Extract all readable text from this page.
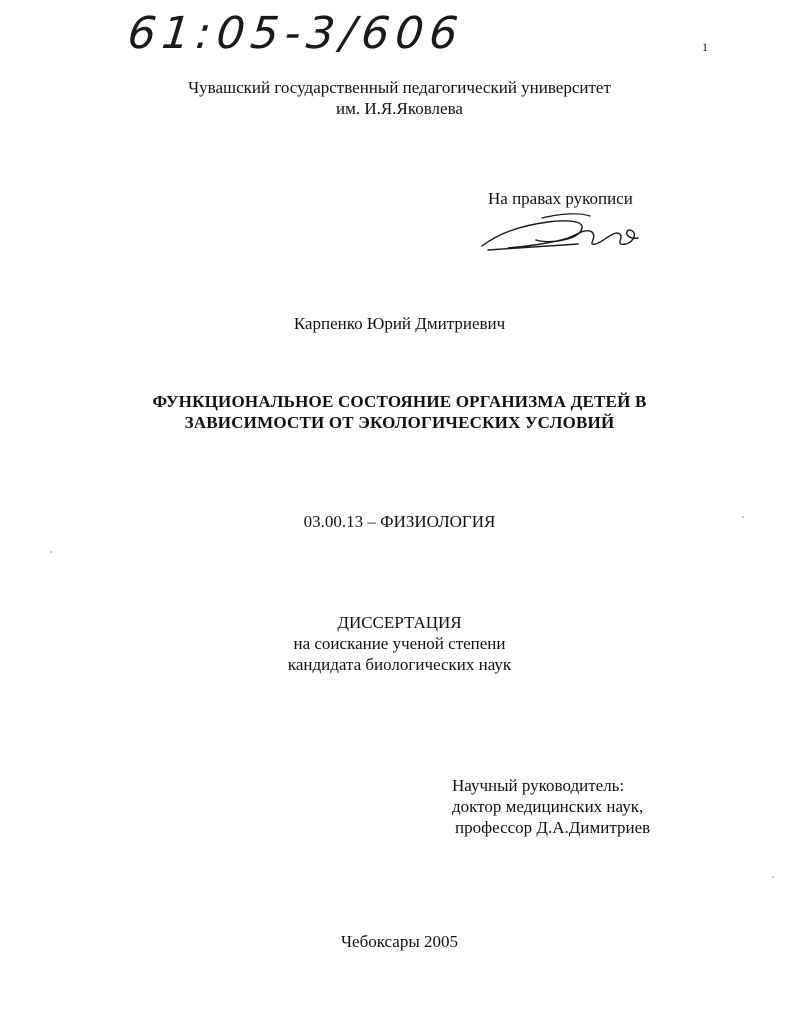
61:05-3/606	1
Чувашский государственный педагогический университет
им. И.Я.Яковлева
На правах рукописи
Карпенко Юрий Дмитриевич
ФУНКЦИОНАЛЬНОЕ СОСТОЯНИЕ ОРГАНИЗМА ДЕТЕЙ В
ЗАВИСИМОСТИ ОТ ЭКОЛОГИЧЕСКИХ УСЛОВИЙ
03.00.13 – ФИЗИОЛОГИЯ
ДИССЕРТАЦИЯ
на соискание ученой степени
кандидата биологических наук
Научный руководитель:
доктор медицинских наук,
профессор Д.А.Димитриев
Чебоксары 2005
